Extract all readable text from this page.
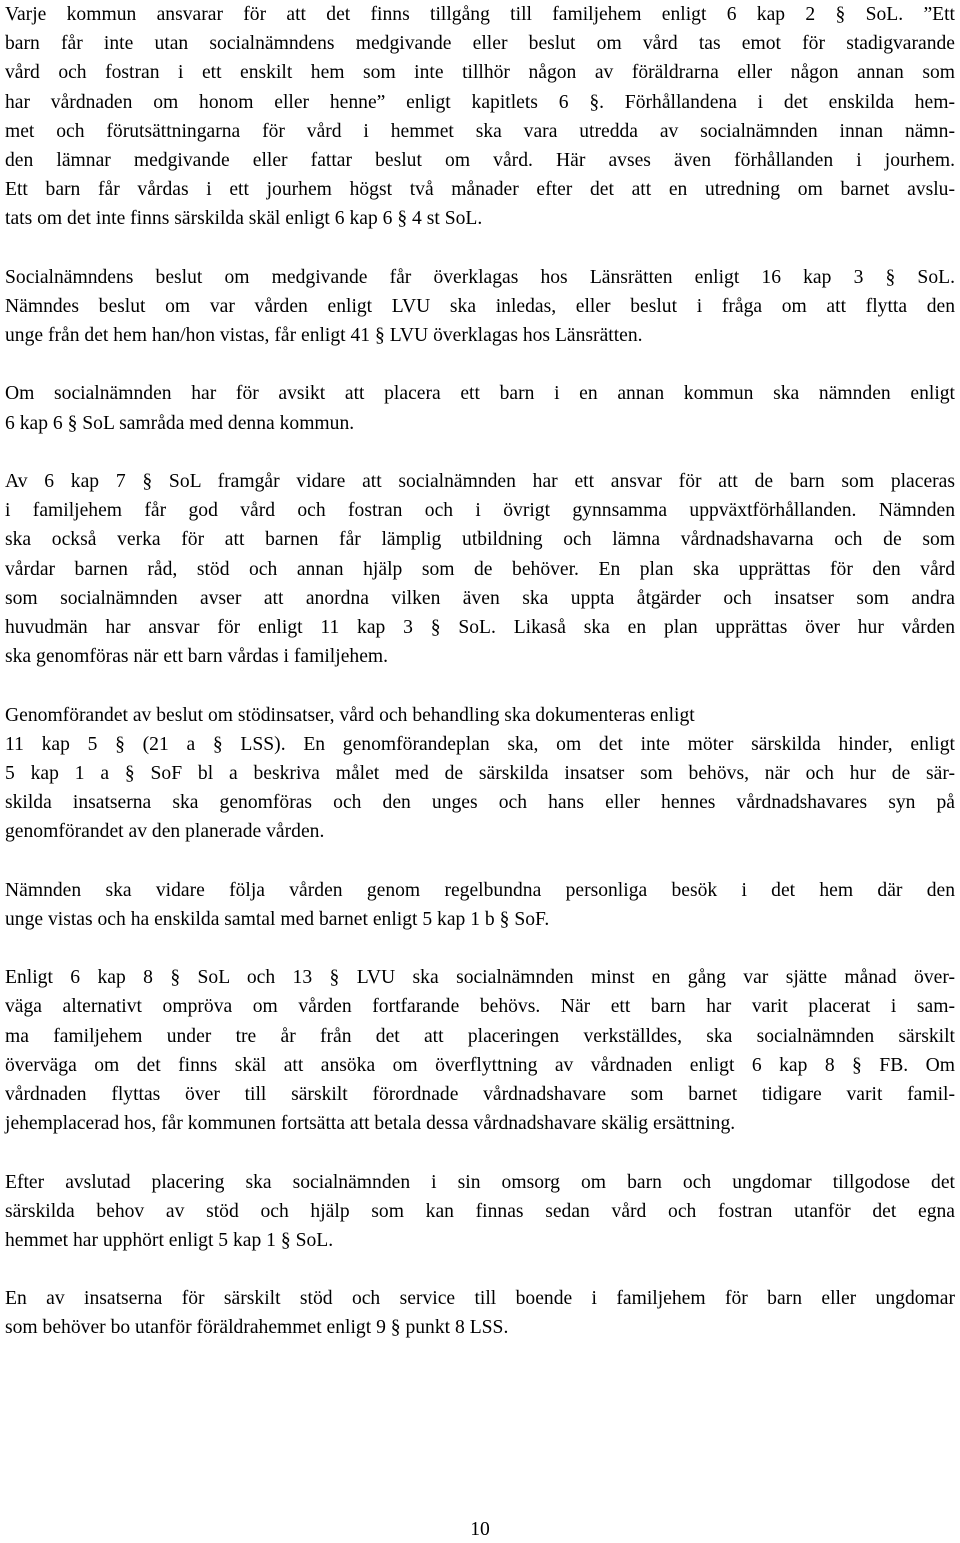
Varje kommun ansvarar för att det finns tillgång till familjehem enligt 6 kap 2 § SoL. ”Ett
barn får inte utan socialnämndens medgivande eller beslut om vård tas emot för stadigvarande
vård och fostran i ett enskilt hem som inte tillhör någon av föräldrarna eller någon annan som
har vårdnaden om honom eller henne” enligt kapitlets 6 §. Förhållandena i det enskilda hem-
met och förutsättningarna för vård i hemmet ska vara utredda av socialnämnden innan nämn-
den lämnar medgivande eller fattar beslut om vård. Här avses även förhållanden i jourhem.
Ett barn får vårdas i ett jourhem högst två månader efter det att en utredning om barnet avslu-
tats om det inte finns särskilda skäl enligt 6 kap 6 § 4 st SoL.
Socialnämndens beslut om medgivande får överklagas hos Länsrätten enligt 16 kap 3 § SoL.
Nämndes beslut om var vården enligt LVU ska inledas, eller beslut i fråga om att flytta den
unge från det hem han/hon vistas, får enligt 41 § LVU överklagas hos Länsrätten.
Om socialnämnden har för avsikt att placera ett barn i en annan kommun ska nämnden enligt
6 kap 6 § SoL samråda med denna kommun.
Av 6 kap 7 § SoL framgår vidare att socialnämnden har ett ansvar för att de barn som placeras
i familjehem får god vård och fostran och i övrigt gynnsamma uppväxtförhållanden. Nämnden
ska också verka för att barnen får lämplig utbildning och lämna vårdnadshavarna och de som
vårdar barnen råd, stöd och annan hjälp som de behöver. En plan ska upprättas för den vård
som socialnämnden avser att anordna vilken även ska uppta åtgärder och insatser som andra
huvudmän har ansvar för enligt 11 kap 3 § SoL. Likaså ska en plan upprättas över hur vården
ska genomföras när ett barn vårdas i familjehem.
Genomförandet av beslut om stödinsatser, vård och behandling ska dokumenteras enligt
11 kap 5 § (21 a § LSS). En genomförandeplan ska, om det inte möter särskilda hinder, enligt
5 kap 1 a § SoF bl a beskriva målet med de särskilda insatser som behövs, när och hur de sär-
skilda insatserna ska genomföras och den unges och hans eller hennes vårdnadshavares syn på
genomförandet av den planerade vården.
Nämnden ska vidare följa vården genom regelbundna personliga besök i det hem där den
unge vistas och ha enskilda samtal med barnet enligt 5 kap 1 b § SoF.
Enligt 6 kap 8 § SoL och 13 § LVU ska socialnämnden minst en gång var sjätte månad över-
väga alternativt ompröva om vården fortfarande behövs. När ett barn har varit placerat i sam-
ma familjehem under tre år från det att placeringen verkställdes, ska socialnämnden särskilt
överväga om det finns skäl att ansöka om överflyttning av vårdnaden enligt 6 kap 8 § FB. Om
vårdnaden flyttas över till särskilt förordnade vårdnadshavare som barnet tidigare varit famil-
jehemplacerad hos, får kommunen fortsätta att betala dessa vårdnadshavare skälig ersättning.
Efter avslutad placering ska socialnämnden i sin omsorg om barn och ungdomar tillgodose det
särskilda behov av stöd och hjälp som kan finnas sedan vård och fostran utanför det egna
hemmet har upphört enligt 5 kap 1 § SoL.
En av insatserna för särskilt stöd och service till boende i familjehem för barn eller ungdomar
som behöver bo utanför föräldrahemmet enligt 9 § punkt 8 LSS.
10
